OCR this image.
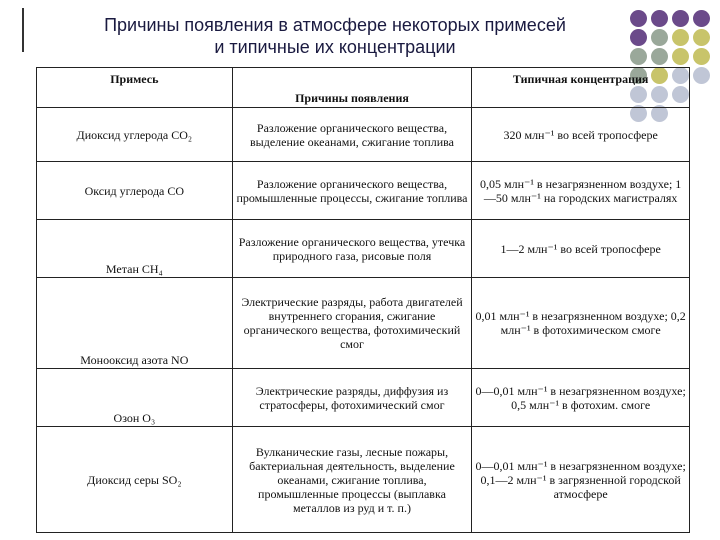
Причины появления в атмосфере некоторых примесей
и типичные их концентрации
Примесь	Причины появления	Типичная концентрация
Диоксид углерода CO₂	Разложение органического вещества, выделение океанами, сжигание топлива	320 млн⁻¹ во всей тропосфере
Оксид углерода CO	Разложение органического вещества, промышленные процессы, сжигание топлива	0,05 млн⁻¹ в незагрязненном воздухе; 1—50 млн⁻¹ на городских магистралях
Метан CH₄	Разложение органического вещества, утечка природного газа, рисовые поля	1—2 млн⁻¹ во всей тропосфере
Монооксид азота NO	Электрические разряды, работа двигателей внутреннего сгорания, сжигание органического вещества, фотохимический смог	0,01 млн⁻¹ в незагрязненном воздухе; 0,2 млн⁻¹ в фотохимическом смоге
Озон O₃	Электрические разряды, диффузия из стратосферы, фотохимический смог	0—0,01 млн⁻¹ в незагрязненном воздухе; 0,5 млн⁻¹ в фотохим. смоге
Диоксид серы SO₂	Вулканические газы, лесные пожары, бактериальная деятельность, выделение океанами, сжигание топлива, промышленные процессы (выплавка металлов из руд и т. п.)	0—0,01 млн⁻¹ в незагрязненном воздухе; 0,1—2 млн⁻¹ в загрязненной городской атмосфере
